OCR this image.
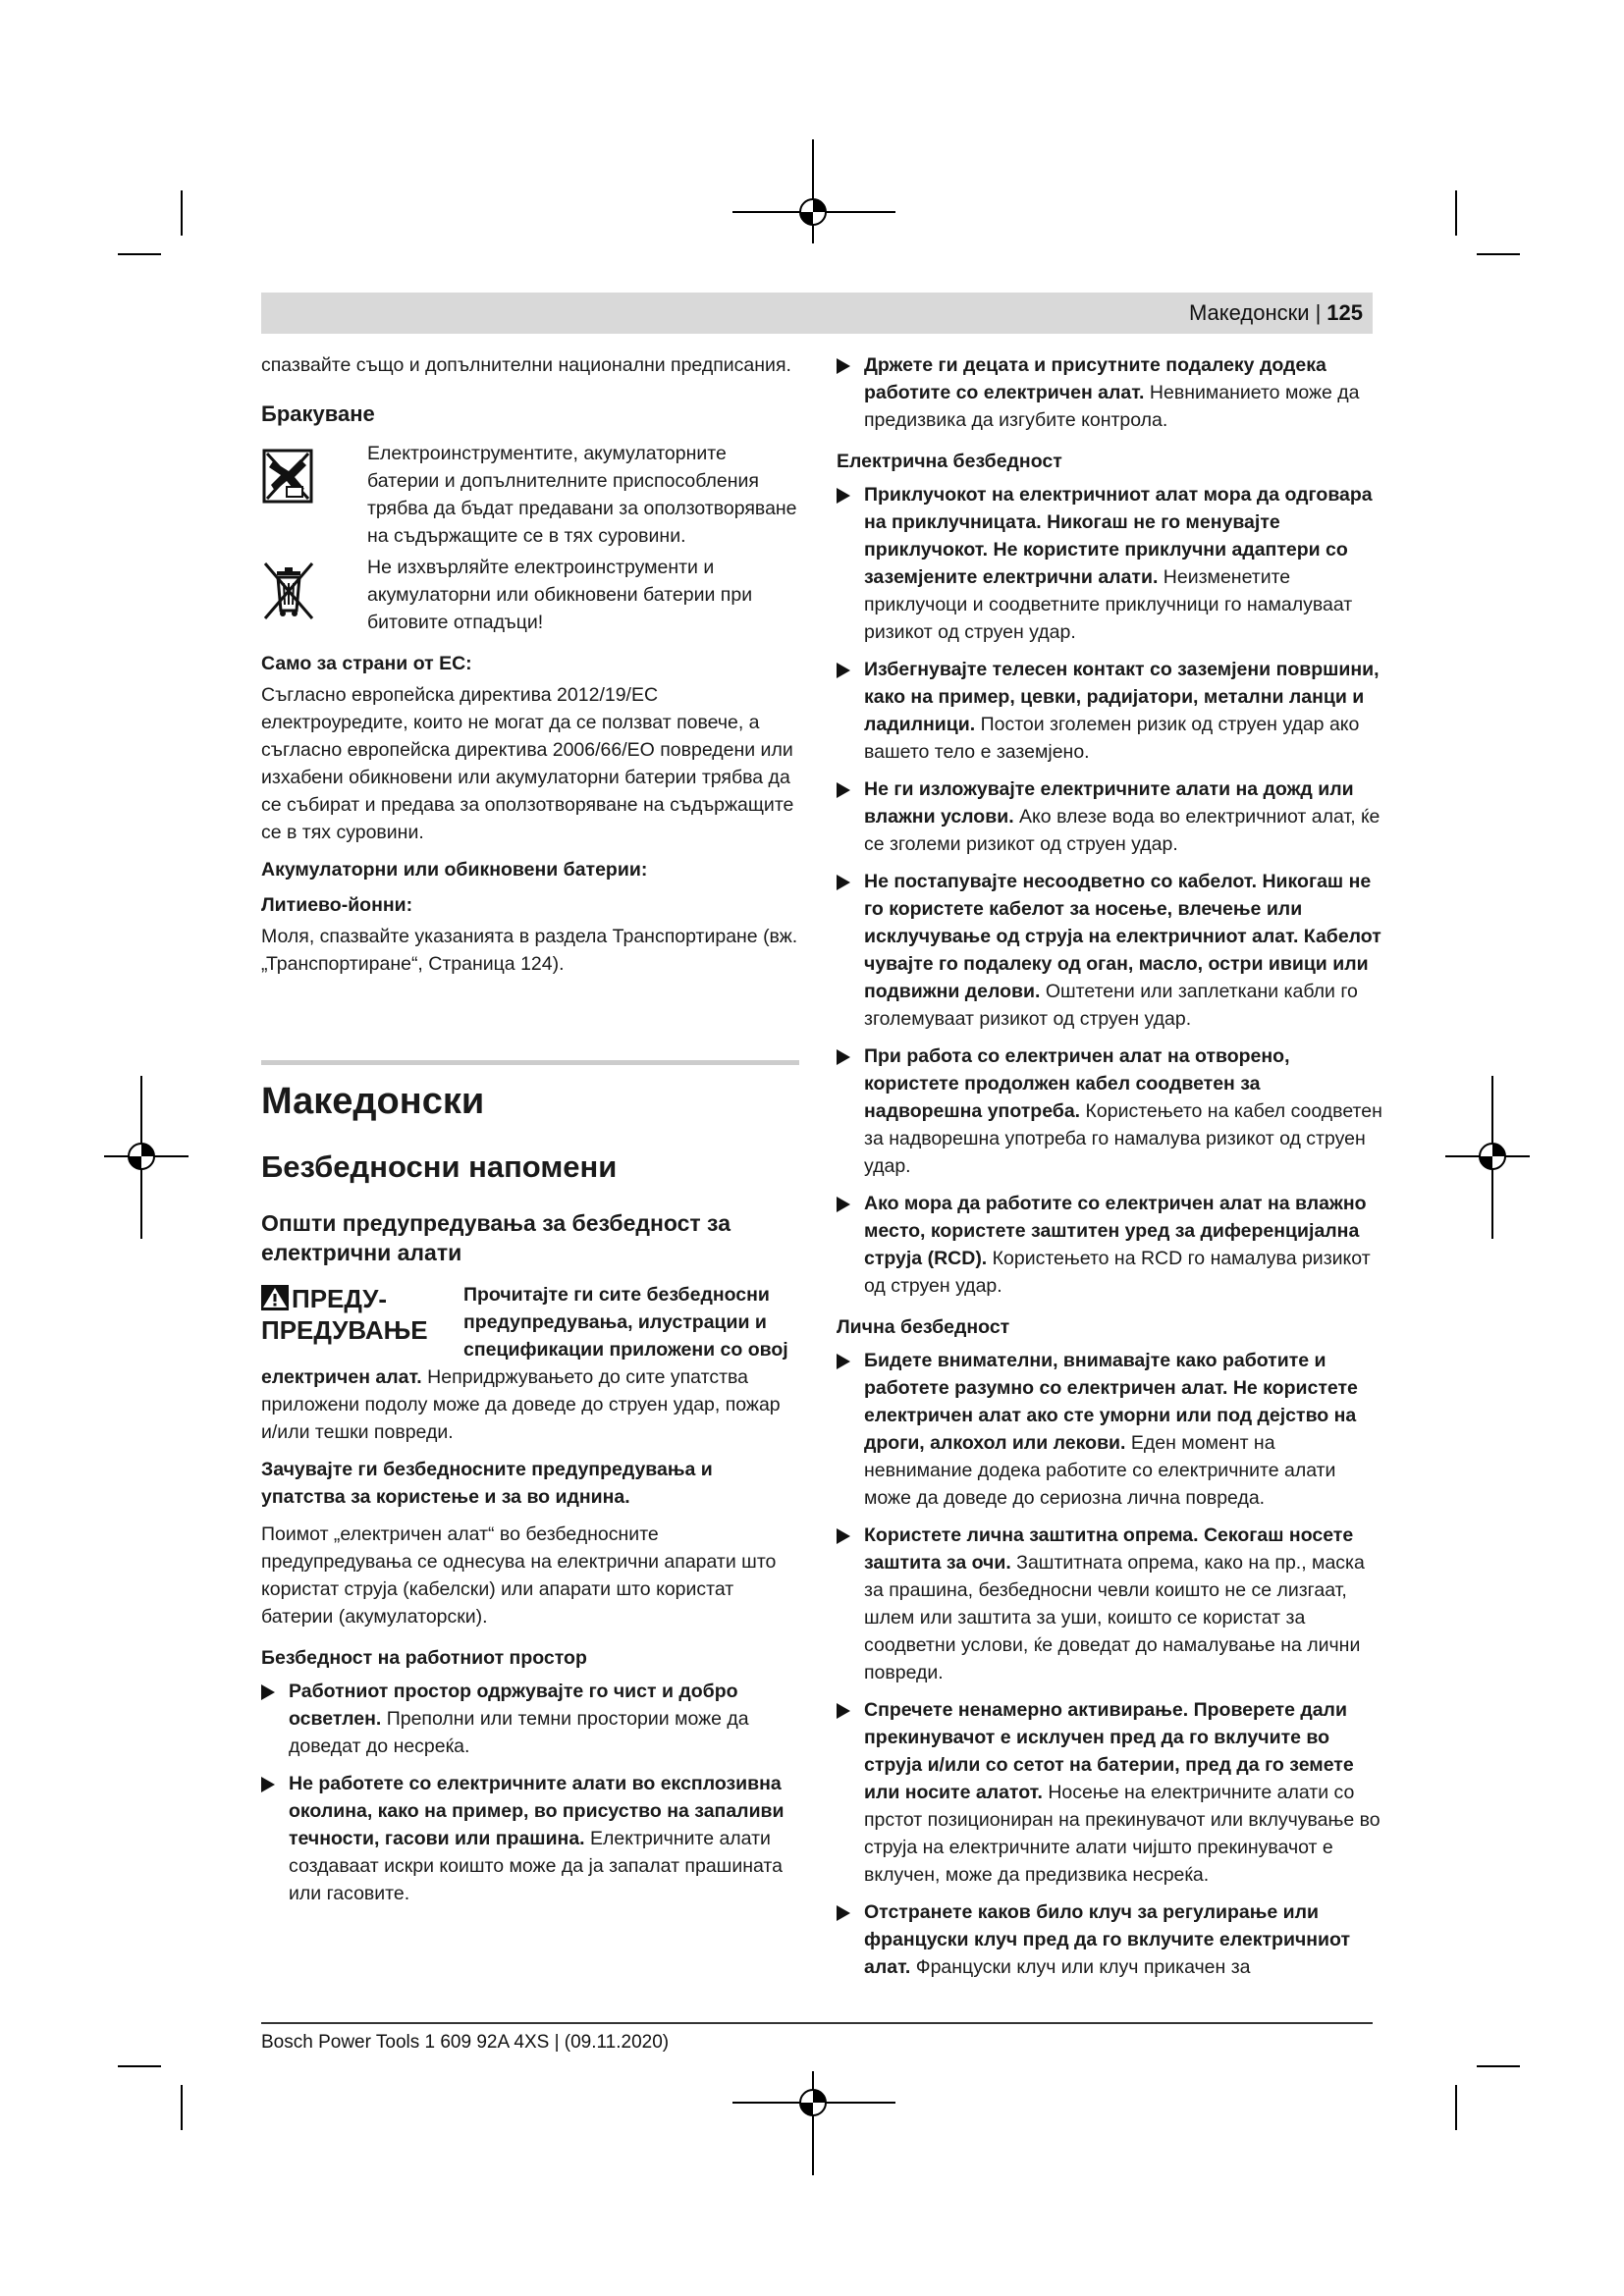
Македонски | 125

спазвайте също и допълнителни национални предписания.

Бракуване
Електроинструментите, акумулаторните батерии и допълнителните приспособления трябва да бъдат предавани за оползотворяване на съдържащите се в тях суровини.
Не изхвърляйте електроинструменти и акумулаторни или обикновени батерии при битовите отпадъци!
Само за страни от ЕС:

Съгласно европейска директива 2012/19/ЕС електроуредите, които не могат да се ползват повече, а съгласно европейска директива 2006/66/EО повредени или изхабени обикновени или акумулаторни батерии трябва да се събират и предава за оползотворяване на съдържащите се в тях суровини.

Акумулаторни или обикновени батерии:
Литиево-йонни:

Моля, спазвайте указанията в раздела Транспортиране (вж. „Транспортиране“, Страница 124).

Македонски
Безбедносни напомени
Општи предупредувања за безбедност за електрични алати
ПРЕДУ-
ПРЕДУВАЊЕ

Прочитајте ги сите безбедносни предупредувања, илустрации и спецификации приложени со овој електричен алат. Непридржувањето до сите упатства приложени подолу може да доведе до струен удар, пожар и/или тешки повреди.

Зачувајте ги безбедносните предупредувања и упатства за користење и за во иднина.

Поимот „електричен алат“ во безбедносните предупредувања се однесува на електрични апарати што користат струја (кабелски) или апарати што користат батерии (акумулаторски).

Безбедност на работниот простор
Работниот простор одржувајте го чист и добро осветлен. Преполни или темни простории може да доведат до несреќа.
Не работете со електричните алати во експлозивна околина, како на пример, во присуство на запаливи течности, гасови или прашина. Електричните алати создаваат искри коишто може да ја запалат прашината или гасовите.
Држете ги децата и присутните подалеку додека работите со електричен алат. Невниманието може да предизвика да изгубите контрола.
Електрична безбедност
Приклучокот на електричниот алат мора да одговара на приклучницата. Никогаш не го менувајте приклучокот. Не користите приклучни адаптери со заземјените електрични алати. Неизменетите приклучоци и соодветните приклучници го намалуваат ризикот од струен удар.
Избегнувајте телесен контакт со заземјени површини, како на пример, цевки, радијатори, метални ланци и ладилници. Постои зголемен ризик од струен удар ако вашето тело е заземјено.
Не ги изложувајте електричните алати на дожд или влажни услови. Ако влезе вода во електричниот алат, ќе се зголеми ризикот од струен удар.
Не постапувајте несоодветно со кабелот. Никогаш не го користете кабелот за носење, влечење или исклучување од струја на електричниот алат. Кабелот чувајте го подалеку од оган, масло, остри ивици или подвижни делови. Оштетени или заплеткани кабли го зголемуваат ризикот од струен удар.
При работа со електричен алат на отворено, користете продолжен кабел соодветен за надворешна употреба. Користењето на кабел соодветен за надворешна употреба го намалува ризикот од струен удар.
Ако мора да работите со електричен алат на влажно место, користете заштитен уред за диференцијална струја (RCD). Користењето на RCD го намалува ризикот од струен удар.
Лична безбедност
Бидете внимателни, внимавајте како работите и работете разумно со електричен алат. Не користете електричен алат ако сте уморни или под дејство на дроги, алкохол или лекови. Еден момент на невнимание додека работите со електричните алати може да доведе до сериозна лична повреда.
Користете лична заштитна опрема. Секогаш носете заштита за очи. Заштитната опрема, како на пр., маска за прашина, безбедносни чевли коишто не се лизгаат, шлем или заштита за уши, коишто се користат за соодветни услови, ќе доведат до намалување на лични повреди.
Спречете ненамерно активирање. Проверете дали прекинувачот е исклучен пред да го вклучите во струја и/или со сетот на батерии, пред да го земете или носите алатот. Носење на електричните алати со прстот позициониран на прекинувачот или вклучување во струја на електричните алати чијшто прекинувачот е вклучен, може да предизвика несреќа.
Отстранете каков било клуч за регулирање или француски клуч пред да го вклучите електричниот алат. Француски клуч или клуч прикачен за
Bosch Power Tools 1 609 92A 4XS | (09.11.2020)
